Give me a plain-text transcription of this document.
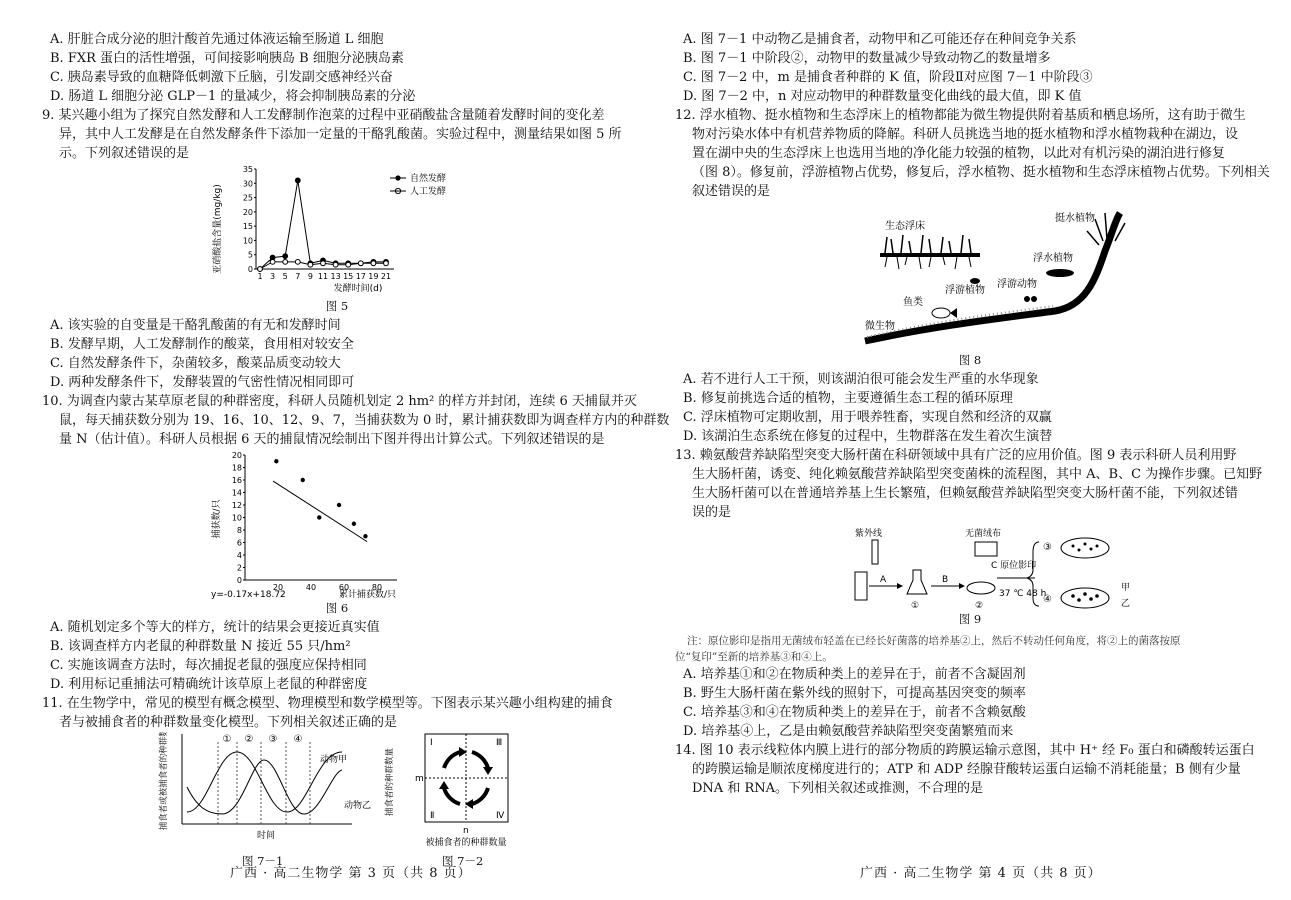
A. 肝脏合成分泌的胆汁酸首先通过体液运输至肠道 L 细胞
B. FXR 蛋白的活性增强，可间接影响胰岛 B 细胞分泌胰岛素
C. 胰岛素导致的血糖降低刺激下丘脑，引发副交感神经兴奋
D. 肠道 L 细胞分泌 GLP－1 的量减少，将会抑制胰岛素的分泌
9. 某兴趣小组为了探究自然发酵和人工发酵制作泡菜的过程中亚硝酸盐含量随着发酵时间的变化差
异，其中人工发酵是在自然发酵条件下添加一定量的干酪乳酸菌。实验过程中，测量结果如图 5 所
示。下列叙述错误的是
亚硝酸盐含量(mg/kg)
35
30
25
20
15
10
5
0
1 3 5 7 9 11 13 15 17 19 21
发酵时间(d)
自然发酵
人工发酵
图 5
A. 该实验的自变量是干酪乳酸菌的有无和发酵时间
B. 发酵早期，人工发酵制作的酸菜，食用相对较安全
C. 自然发酵条件下，杂菌较多，酸菜品质变动较大
D. 两种发酵条件下，发酵装置的气密性情况相同即可
10. 为调查内蒙古某草原老鼠的种群密度，科研人员随机划定 2 hm² 的样方并封闭，连续 6 天捕鼠并灭
鼠，每天捕获数分别为 19、16、10、12、9、7，当捕获数为 0 时，累计捕获数即为调查样方内的种群数
量 N（估计值）。科研人员根据 6 天的捕鼠情况绘制出下图并得出计算公式。下列叙述错误的是
捕获数/只
20
18
16
14
12
10
8
6
4
2
0
20	40	60	80
y=-0.17x+18.72	累计捕获数/只
图 6
A. 随机划定多个等大的样方，统计的结果会更接近真实值
B. 该调查样方内老鼠的种群数量 N 接近 55 只/hm²
C. 实施该调查方法时，每次捕捉老鼠的强度应保持相同
D. 利用标记重捕法可精确统计该草原上老鼠的种群密度
11. 在生物学中，常见的模型有概念模型、物理模型和数学模型等。下图表示某兴趣小组构建的捕食
者与被捕食者的种群数量变化模型。下列相关叙述正确的是
捕食者或被捕食者的种群数量	① ② ③ ④
动物甲
动物乙
时间
捕食者的种群数量 m
n
Ⅰ
Ⅱ
Ⅲ
Ⅳ
被捕食者的种群数量
图 7－1	图 7－2
广西 · 高二生物学 第 3 页（共 8 页）
A. 图 7－1 中动物乙是捕食者，动物甲和乙可能还存在种间竞争关系
B. 图 7－1 中阶段②，动物甲的数量减少导致动物乙的数量增多
C. 图 7－2 中，m 是捕食者种群的 K 值，阶段Ⅱ对应图 7－1 中阶段③
D. 图 7－2 中，n 对应动物甲的种群数量变化曲线的最大值，即 K 值
12. 浮水植物、挺水植物和生态浮床上的植物都能为微生物提供附着基质和栖息场所，这有助于微生
物对污染水体中有机营养物质的降解。科研人员挑选当地的挺水植物和浮水植物栽种在湖边，设
置在湖中央的生态浮床上也选用当地的净化能力较强的植物，以此对有机污染的湖泊进行修复
（图 8）。修复前，浮游植物占优势，修复后，浮水植物、挺水植物和生态浮床植物占优势。下列相关
叙述错误的是
生态浮床
挺水植物
浮水植物
浮游动物
浮游植物
鱼类
微生物
图 8
A. 若不进行人工干预，则该湖泊很可能会发生严重的水华现象
B. 修复前挑选合适的植物，主要遵循生态工程的循环原理
C. 浮床植物可定期收割，用于喂养牲畜，实现自然和经济的双赢
D. 该湖泊生态系统在修复的过程中，生物群落在发生着次生演替
13. 赖氨酸营养缺陷型突变大肠杆菌在科研领域中具有广泛的应用价值。图 9 表示科研人员利用野
生大肠杆菌，诱变、纯化赖氨酸营养缺陷型突变菌株的流程图，其中 A、B、C 为操作步骤。已知野
生大肠杆菌可以在普通培养基上生长繁殖，但赖氨酸营养缺陷型突变大肠杆菌不能，下列叙述错
误的是
紫外线
A
①
B
②
无菌绒布
C 原位影印
37 ℃ 48 h
③
④
甲
乙
图 9
注：原位影印是指用无菌绒布轻盖在已经长好菌落的培养基②上，然后不转动任何角度，将②上的菌落按原
位“复印”至新的培养基③和④上。
A. 培养基①和②在物质种类上的差异在于，前者不含凝固剂
B. 野生大肠杆菌在紫外线的照射下，可提高基因突变的频率
C. 培养基③和④在物质种类上的差异在于，前者不含赖氨酸
D. 培养基④上，乙是由赖氨酸营养缺陷型突变菌繁殖而来
14. 图 10 表示线粒体内膜上进行的部分物质的跨膜运输示意图，其中 H⁺ 经 F₀ 蛋白和磷酸转运蛋白
的跨膜运输是顺浓度梯度进行的；ATP 和 ADP 经腺苷酸转运蛋白运输不消耗能量；B 侧有少量
DNA 和 RNA。下列相关叙述或推测，不合理的是
广西 · 高二生物学 第 4 页（共 8 页）
